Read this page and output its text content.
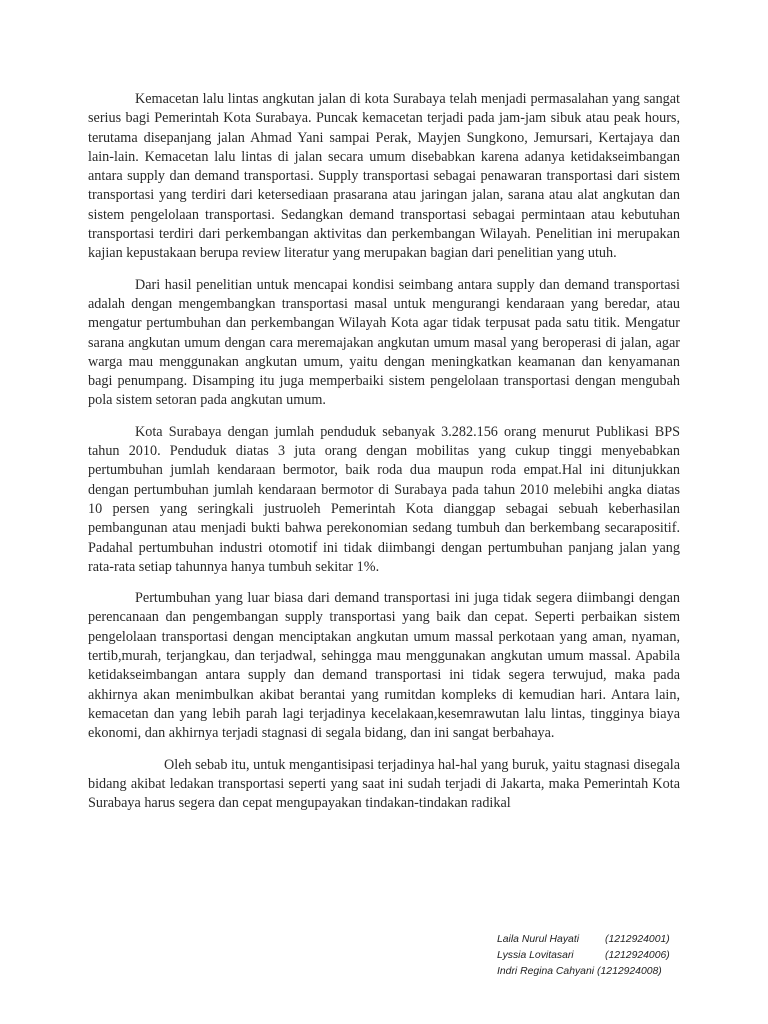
Kemacetan lalu lintas angkutan jalan di kota Surabaya telah menjadi permasalahan yang sangat serius bagi Pemerintah Kota Surabaya. Puncak kemacetan terjadi pada jam-jam sibuk atau peak hours, terutama disepanjang jalan Ahmad Yani sampai Perak, Mayjen Sungkono, Jemursari, Kertajaya dan lain-lain. Kemacetan lalu lintas di jalan secara umum disebabkan karena adanya ketidakseimbangan antara supply dan demand transportasi. Supply transportasi sebagai penawaran transportasi dari sistem transportasi yang terdiri dari ketersediaan prasarana atau jaringan jalan, sarana atau alat angkutan dan sistem pengelolaan transportasi. Sedangkan demand transportasi sebagai permintaan atau kebutuhan transportasi terdiri dari perkembangan aktivitas dan perkembangan Wilayah. Penelitian ini merupakan kajian kepustakaan berupa review literatur yang merupakan bagian dari penelitian yang utuh.

Dari hasil penelitian untuk mencapai kondisi seimbang antara supply dan demand transportasi adalah dengan mengembangkan transportasi masal untuk mengurangi kendaraan yang beredar, atau mengatur pertumbuhan dan perkembangan Wilayah Kota agar tidak terpusat pada satu titik. Mengatur sarana angkutan umum dengan cara meremajakan angkutan umum masal yang beroperasi di jalan, agar warga mau menggunakan angkutan umum, yaitu dengan meningkatkan keamanan dan kenyamanan bagi penumpang. Disamping itu juga memperbaiki sistem pengelolaan transportasi dengan mengubah pola sistem setoran pada angkutan umum.

Kota Surabaya dengan jumlah penduduk sebanyak 3.282.156 orang menurut Publikasi BPS tahun 2010. Penduduk diatas 3 juta orang dengan mobilitas yang cukup tinggi menyebabkan pertumbuhan jumlah kendaraan bermotor, baik roda dua maupun roda empat.Hal ini ditunjukkan dengan pertumbuhan jumlah kendaraan bermotor di Surabaya pada tahun 2010 melebihi angka diatas 10 persen yang seringkali justruoleh Pemerintah Kota dianggap sebagai sebuah keberhasilan pembangunan atau menjadi bukti bahwa perekonomian sedang tumbuh dan berkembang secarapositif. Padahal pertumbuhan industri otomotif ini tidak diimbangi dengan pertumbuhan panjang jalan yang rata-rata setiap tahunnya hanya tumbuh sekitar 1%.

Pertumbuhan yang luar biasa dari demand transportasi ini juga tidak segera diimbangi dengan perencanaan dan pengembangan supply transportasi yang baik dan cepat. Seperti perbaikan sistem pengelolaan transportasi dengan menciptakan angkutan umum massal perkotaan yang aman, nyaman, tertib,murah, terjangkau, dan terjadwal, sehingga mau menggunakan angkutan umum massal. Apabila ketidakseimbangan antara supply dan demand transportasi ini tidak segera terwujud, maka pada akhirnya akan menimbulkan akibat berantai yang rumitdan kompleks di kemudian hari. Antara lain, kemacetan dan yang lebih parah lagi terjadinya kecelakaan,kesemrawutan lalu lintas, tingginya biaya ekonomi, dan akhirnya terjadi stagnasi di segala bidang, dan ini sangat berbahaya.

Oleh sebab itu, untuk mengantisipasi terjadinya hal-hal yang buruk, yaitu stagnasi disegala bidang akibat ledakan transportasi seperti yang saat ini sudah terjadi di Jakarta, maka Pemerintah Kota Surabaya harus segera dan cepat mengupayakan tindakan-tindakan radikal

Laila Nurul Hayati	(1212924001)
Lyssia Lovitasari	(1212924006)
Indri Regina Cahyani (1212924008)
